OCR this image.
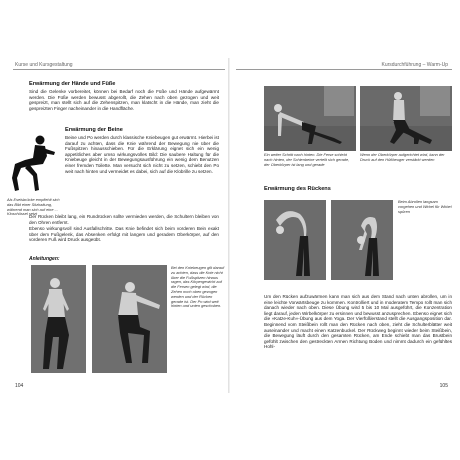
Kurse und Kursgestaltung
Erwärmung der Hände und Füße
Sind die Gelenke vorbereitet, können bei Bedarf noch die Füße und Hände aufgewärmt werden. Die Füße werden bewusst abgerollt, die Zehen nach oben gezogen und weit gespreizt, man stellt sich auf die Zehenspitzen, man klatscht in die Hände, man zieht die gespreizten Finger nacheinander in die Handfläche.
Erwärmung der Beine
Beine und Po werden durch klassische Kniebeugen gut erwärmt. Hierbei ist darauf zu achten, dass die Knie während der Bewegung nie über die Fußspitzen hinausschieben. Für die Erklärung eignet sich ein wenig appetitliches aber umso wirkungsvolles Bild: Die saubere Haltung für die Kniebeuge gleicht in der Bewegungsausführung ein wenig dem Benutzen einer fremden Toilette. Man versucht sich nicht zu setzen, schiebt den Po weit nach hinten und vermeidet es dabei, sich auf die Klobrille zu setzen.
Als Eselsbrücke empfiehlt sich das Bild einer Sitzhaltung, während man sich auf eine ... Kloschüssel setzt
Der Rücken bleibt lang, ein Rundrücken sollte vermieden werden, die Schultern bleiben von den Ohren entfernt.
Ebenso wirkungsvoll sind Ausfallschritte. Das Knie befindet sich beim vorderen Bein exakt über dem Fußgelenk, das Absenken erfolgt mit langem und geradem Oberkörper, auf den vorderen Fuß wird Druck ausgeübt.
Anleitungen:
Bei den Kniebeugen gilt darauf zu achten, dass die Knie nicht über die Fußspitzen hinaus ragen, das Körpergewicht auf die Fersen gelegt wird, die Zehen noch oben gezogen werden und der Rücken gerade ist. Der Po wird weit hinten und unten geschoben.
104
Kursdurchführung – Warm-Up
Ein weiter Schritt nach hinten. Die Ferse schiebt nach hinten, der Schienbeine verteilt sich gerade, der Oberkörper ist lang und gerade
Wenn der Oberkörper aufgerichtet wird, kann der Druck auf den Hüftbeuger verstärkt werden
Erwärmung des Rückens
Beim Abrollen langsam vorgehen und Wirbel für Wirbel spüren
Um den Rücken aufzuwärmen kann man sich aus dem Stand nach unten abrollen, um in eine leichte Vorwärtsbeuge zu kommen. Kontrolliert und in moderatem Tempo rollt man sich danach wieder nach oben. Diese Übung wird 5 bis 10 Mal ausgeführt, die Konzentration liegt darauf, jeden Wirbelkörper zu ersinnen und bewusst anzusprechen. Ebenso eignet sich die »Katze-Kuh«-Übung aus dem Yoga. Der Vierfüßlerstand stellt die Ausgangsposition dar. Beginnend vom Steißbein rollt man den Rücken nach oben, zieht die Schulterblätter weit auseinander und macht einen Katzenbuckel. Der Rückweg beginnt wieder beim Steißbein, die Bewegung läuft durch den gesamten Rücken, am Ende schiebt man das Brustbein gefühlt zwischen den gestreckten Armen Richtung Boden und nimmt dadurch ein gefühltes Hohl-
105
